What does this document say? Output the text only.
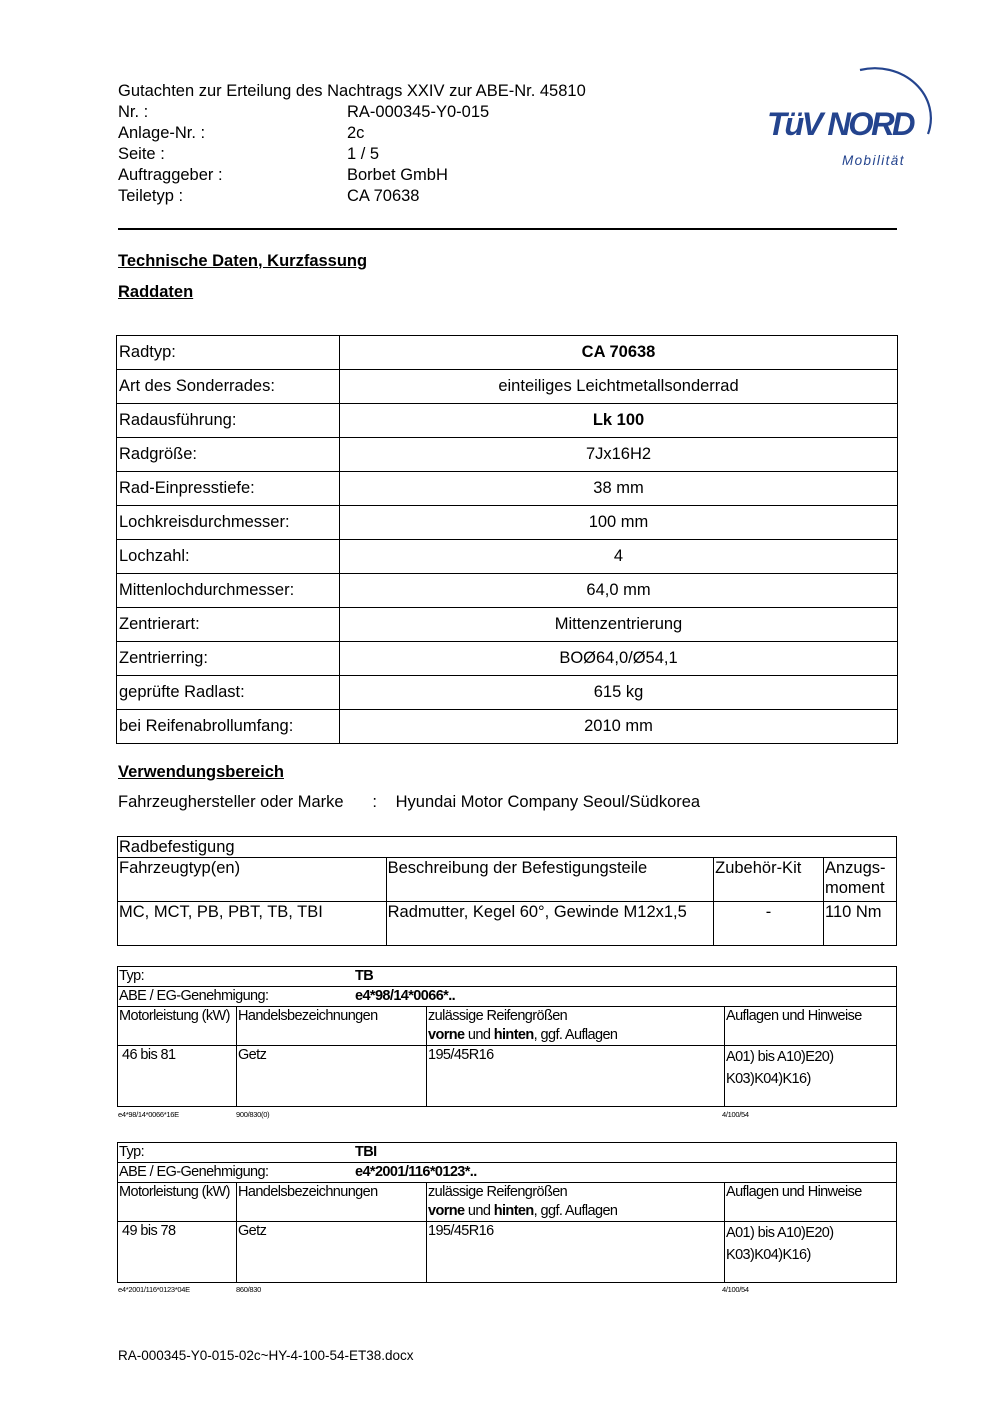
Gutachten zur Erteilung des Nachtrags XXIV zur ABE-Nr. 45810
Nr. :	RA-000345-Y0-015
Anlage-Nr. :	2c
Seite :	1 / 5
Auftraggeber :	Borbet GmbH
Teiletyp :	CA 70638
TüV NORD
Mobilität
Technische Daten, Kurzfassung
Raddaten
Radtyp:	CA 70638
Art des Sonderrades:	einteiliges Leichtmetallsonderrad
Radausführung:	Lk 100
Radgröße:	7Jx16H2
Rad-Einpresstiefe:	38 mm
Lochkreisdurchmesser:	100 mm
Lochzahl:	4
Mittenlochdurchmesser:	64,0 mm
Zentrierart:	Mittenzentrierung
Zentrierring:	BOØ64,0/Ø54,1
geprüfte Radlast:	615 kg
bei Reifenabrollumfang:	2010 mm
Verwendungsbereich
Fahrzeughersteller oder Marke : Hyundai Motor Company Seoul/Südkorea
Radbefestigung			
Fahrzeugtyp(en)	Beschreibung der Befestigungsteile	Zubehör-Kit	Anzugs-
moment
MC, MCT, PB, PBT, TB, TBI	Radmutter, Kegel 60°, Gewinde M12x1,5	-	110 Nm
Typ: TB			

ABE / EG-Genehmigung: e4*98/14*0066*..			

Motorleistung (kW)	Handelsbezeichnungen	zulässige Reifengrößen
vorne und hinten, ggf. Auflagen	Auflagen und Hinweise
46 bis 81	Getz	195/45R16	A01) bis A10)E20) K03)K04)K16)
e4*98/14*0066*16E	900/830(0)	4/100/54
Typ: TBI			

ABE / EG-Genehmigung: e4*2001/116*0123*..			

Motorleistung (kW)	Handelsbezeichnungen	zulässige Reifengrößen
vorne und hinten, ggf. Auflagen	Auflagen und Hinweise
49 bis 78	Getz	195/45R16	A01) bis A10)E20) K03)K04)K16)
e4*2001/116*0123*04E	860/830	4/100/54
RA-000345-Y0-015-02c~HY-4-100-54-ET38.docx
